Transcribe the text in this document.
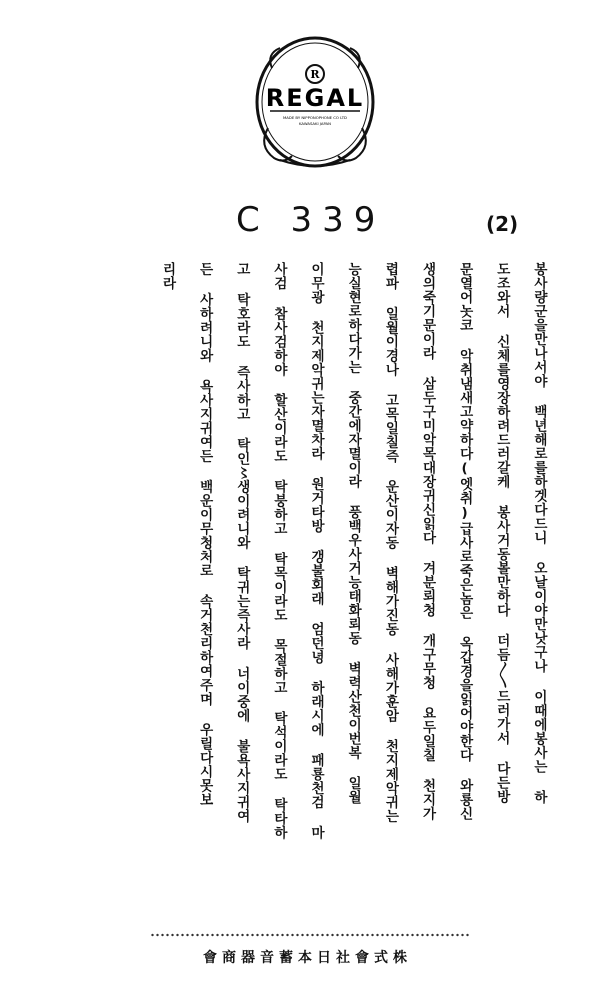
R
REGAL
MADE BY NIPPONOPHONE CO LTD
KAWASAKI JAPAN
C 339	(2)
봉사량군을만나서야 백년해로를하겟다드니 오날이야만낫구나 이때에봉사는 하
도조와서 신체를영장하려드러갈케 봉사거동볼만하다 더듬〳〵드러가서 다든방
문열어놋코 악취냄새고약하다(엣취)급사로죽은놈은 옥갑경을읽어야한다 와룡신
생의죽기문이라 삼두구미악목대장귀신읽다 겨분뢰청 개구무청 요두일칠 천지가
렵파 일월이경나 고목일칠즉 운산이자동 벽해가진동 사해가훈암 천지제악귀는
능실현로하다가는 중간에자멸이라 풍백우사거능태화뢰동 벽력산천이번복 일월
이무광 천지제악귀는자멸차라 원거타방 갱불회래 엄던녕 하래시에 패룡천검 마
사검 참사검하야 할산이라도 탁붕하고 탁목이라도 목절하고 탁석이라도 탁타하
고 탁호라도 즉사하고 탁인〻생이려니와 탁귀는즉사라 너이중에 불욕사지귀여
든 사하려니와 욕사지귀여든 백운이무청처로 속거천리하여주며 우릴다시못보
리라
會商器音蓄本日社會式株
